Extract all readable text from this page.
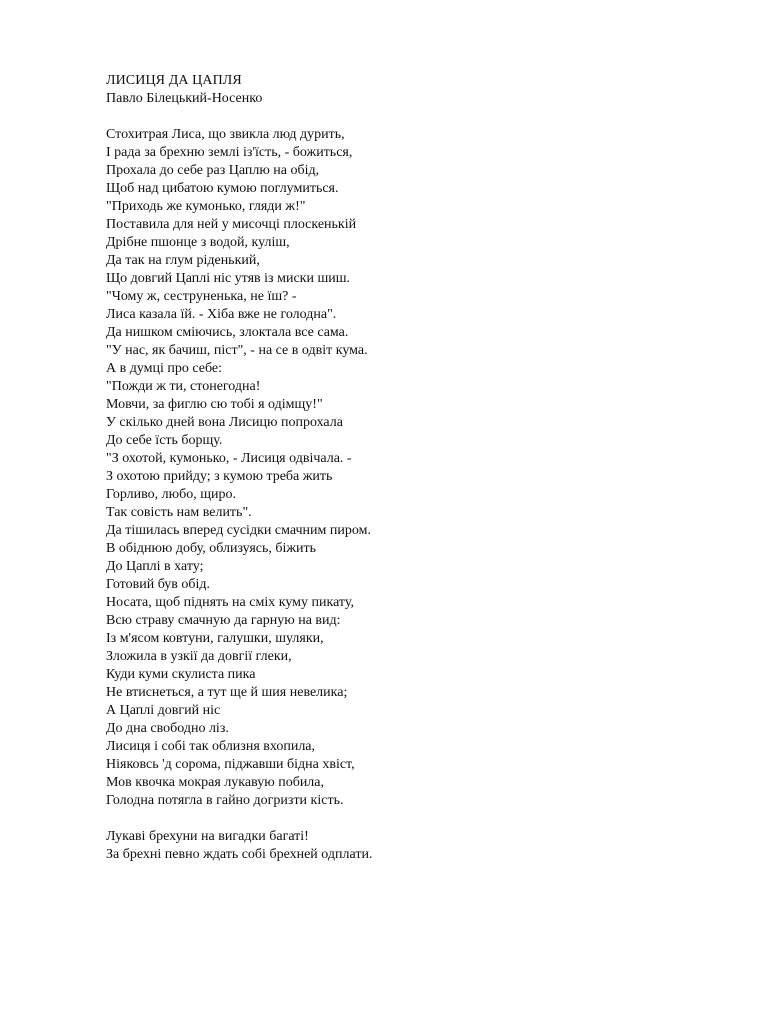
ЛИСИЦЯ ДА ЦАПЛЯ

Павло Білецький-Носенко

Стохитрая Лиса, що звикла люд дурить,

І рада за брехню землі із'їсть, - божиться,

Прохала до себе раз Цаплю на обід,

Щоб над цибатою кумою поглумиться.

"Приходь же кумонько, гляди ж!"

Поставила для ней у мисочці плоскенькій

Дрібне пшонце з водой, куліш,

Да так на глум ріденький,

Що довгий Цаплі ніс утяв із миски шиш.

"Чому ж, сеструненька, не їш? -

Лиса казала їй. - Хіба вже не голодна".

Да нишком сміючись, злоктала все сама.

"У нас, як бачиш, піст", - на се в одвіт кума.

А в думці про себе:

"Пожди ж ти, стонегодна!

Мовчи, за фиглю сю тобі я одімщу!"

У скілько дней вона Лисицю попрохала

До себе їсть борщу.

"З охотой, кумонько, - Лисиця одвічала. -

З охотою прийду; з кумою треба жить

Горливо, любо, щиро.

Так совість нам велить".

Да тішилась вперед сусідки смачним пиром.

В обіднюю добу, облизуясь, біжить

До Цаплі в хату;

Готовий був обід.

Носата, щоб піднять на сміх куму пикату,

Всю страву смачную да гарную на вид:

Із м'ясом ковтуни, галушки, шуляки,

Зложила в узкії да довгії глеки,

Куди куми скулиста пика

Не втиснеться, а тут ще й шия невелика;

А Цаплі довгий ніс

До дна свободно ліз.

Лисиця і собі так облизня вхопила,

Ніяковсь 'д сорома, піджавши бідна хвіст,

Мов квочка мокрая лукавую побила,

Голодна потягла в гайно догризти кість.

Лукаві брехуни на вигадки багаті!

За брехні певно ждать собі брехней одплати.
